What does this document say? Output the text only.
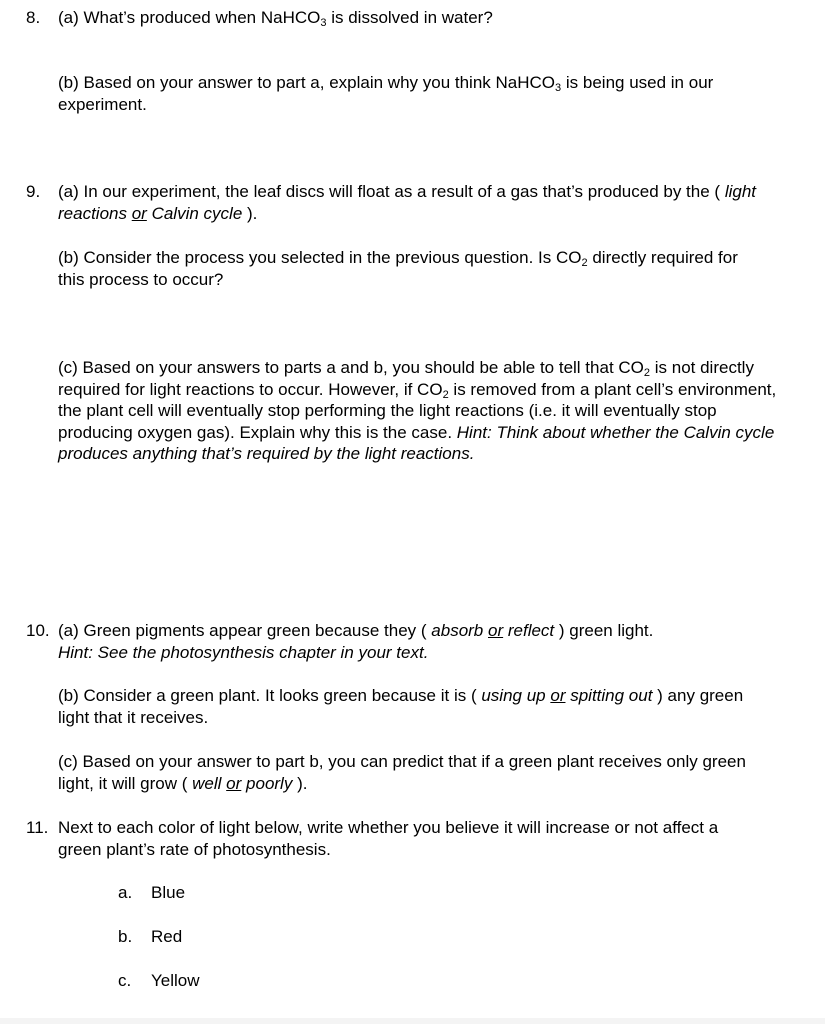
8. (a) What’s produced when NaHCO$_3$ is dissolved in water?

(b) Based on your answer to part a, explain why you think NaHCO$_3$ is being used in our experiment.

9. (a) In our experiment, the leaf discs will float as a result of a gas that’s produced by the ( light reactions or Calvin cycle ).

(b) Consider the process you selected in the previous question. Is $CO_2$ directly required for this process to occur?

(c) Based on your answers to parts a and b, you should be able to tell that $CO_2$ is not directly required for light reactions to occur. However, if $CO_2$ is removed from a plant cell’s environment, the plant cell will eventually stop performing the light reactions (i.e. it will eventually stop producing oxygen gas). Explain why this is the case. Hint: Think about whether the Calvin cycle produces anything that’s required by the light reactions.

10. (a) Green pigments appear green because they ( absorb or reflect ) green light.
Hint: See the photosynthesis chapter in your text.

(b) Consider a green plant. It looks green because it is ( using up or spitting out ) any green light that it receives.

(c) Based on your answer to part b, you can predict that if a green plant receives only green light, it will grow ( well or poorly ).

11. Next to each color of light below, write whether you believe it will increase or not affect a green plant’s rate of photosynthesis.

a. Blue
b. Red
c. Yellow
